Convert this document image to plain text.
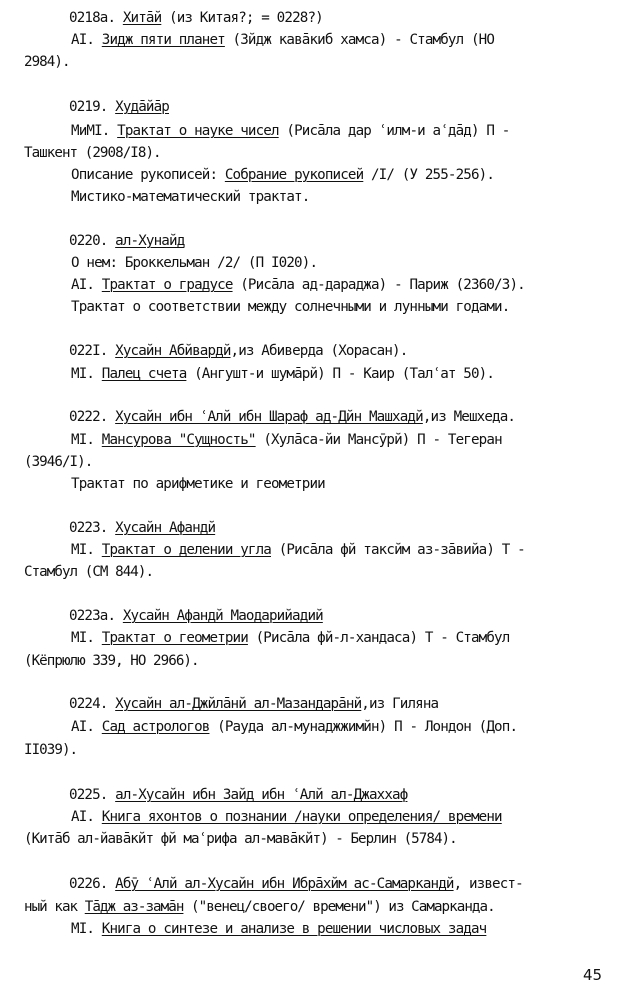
0218а. Хитāй (из Китая?; = 0228?)
AI. Зидж пяти планет (Зйдж кавāкиб хамса) - Стамбул (НО
2984).
0219. Худāйāр
МиМI. Трактат о науке чисел (Рисāла дар ʿилм-и аʿдāд) П -
Ташкент (2908/I8).
Описание рукописей: Собрание рукописей /I/ (У 255-256).
Мистико-математический трактат.
0220. ал-Хунайд
О нем: Броккельман /2/ (П I020).
AI. Трактат о градусе (Рисāла ад-дараджа) - Париж (2360/3).
Трактат о соответствии между солнечными и лунными годами.
022I. Хусайн Абйвардй,из Абиверда (Хорасан).
МI. Палец счета (Ангушт-и шумāрй) П - Каир (Талʿат 50).
0222. Хусайн ибн ʿАлй ибн Шараф ад-Дйн Машхадй,из Мешхеда.
МI. Мансурова "Сущность" (Хулāса-йи Мансӯрй) П - Тегеран
(3946/I).
Трактат по арифметике и геометрии
0223. Хусайн Афандй
МI. Трактат о делении угла (Рисāла фй таксйм аз-зāвийа) Т -
Стамбул (СМ 844).
0223а. Хусайн Афандй Маодарийадий
МI. Трактат о геометрии (Рисāла фй-л-хандаса) Т - Стамбул
(Кёпрюлю 339, НО 2966).
0224. Хусайн ал-Джйлāнй ал-Мазандарāнй,из Гиляна
AI. Сад астрологов (Рауда ал-мунаджжимйн) П - Лондон (Доп.
II039).
0225. ал-Хусайн ибн Зайд ибн ʿАлй ал-Джаххаф
AI. Книга яхонтов о познании /науки определения/ времени
(Китāб ал-йавāкйт фй маʿрифа ал-мавāкйт) - Берлин (5784).
0226. Абӯ ʿАлй ал-Хусайн ибн Ибрāхйм ас-Самаркандй, извест-
ный как Тāдж аз-замāн ("венец/своего/ времени") из Самарканда.
МI. Книга о синтезе и анализе в решении числовых задач
45
